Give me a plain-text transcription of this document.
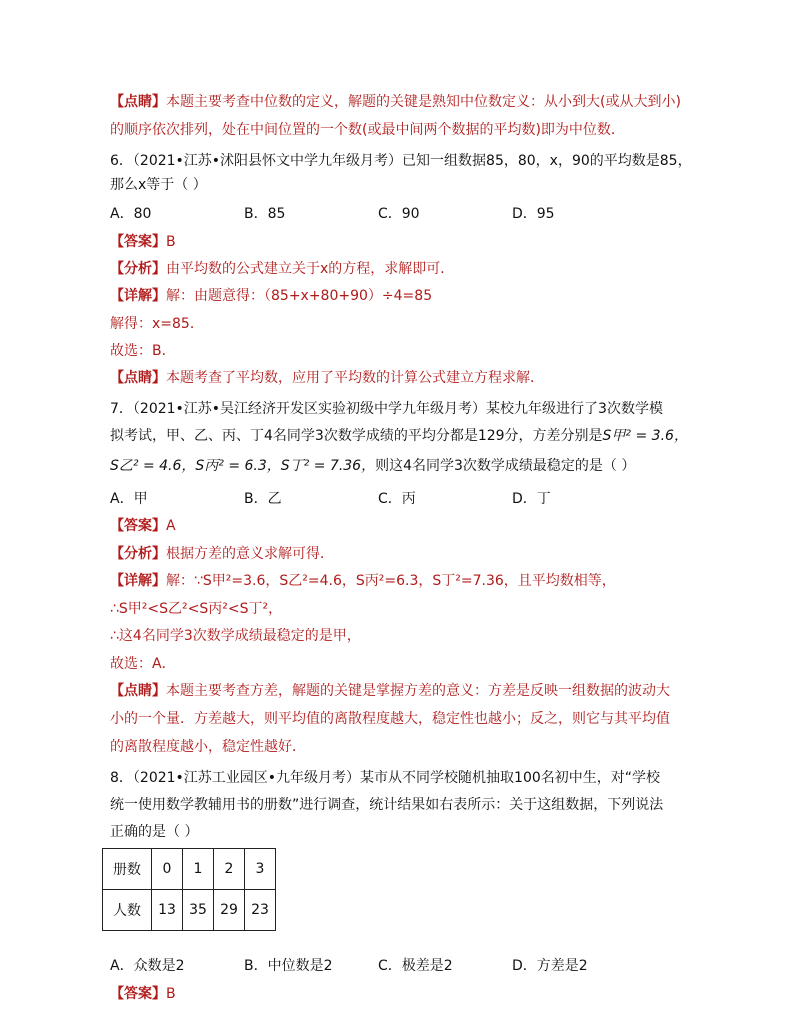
【点睛】本题主要考查中位数的定义，解题的关键是熟知中位数定义：从小到大(或从大到小)
的顺序依次排列，处在中间位置的一个数(或最中间两个数据的平均数)即为中位数．
6．（2021•江苏•沭阳县怀文中学九年级月考）已知一组数据85，80，x，90的平均数是85，
那么x等于（ ）
A．80	B．85	C．90	D．95
【答案】B
【分析】由平均数的公式建立关于x的方程，求解即可．
【详解】解：由题意得：（85+x+80+90）÷4=85
解得：x=85．
故选：B．
【点睛】本题考查了平均数，应用了平均数的计算公式建立方程求解．
7．（2021•江苏•吴江经济开发区实验初级中学九年级月考）某校九年级进行了3次数学模
拟考试，甲、乙、丙、丁4名同学3次数学成绩的平均分都是129分，方差分别是S甲² = 3.6，
S乙² = 4.6，S丙² = 6.3，S丁² = 7.36，则这4名同学3次数学成绩最稳定的是（ ）
A．甲	B．乙	C．丙	D．丁
【答案】A
【分析】根据方差的意义求解可得．
【详解】解：∵S甲²=3.6，S乙²=4.6，S丙²=6.3，S丁²=7.36，且平均数相等，
∴S甲²<S乙²<S丙²<S丁²，
∴这4名同学3次数学成绩最稳定的是甲，
故选：A．
【点睛】本题主要考查方差，解题的关键是掌握方差的意义：方差是反映一组数据的波动大
小的一个量．方差越大，则平均值的离散程度越大，稳定性也越小；反之，则它与其平均值
的离散程度越小，稳定性越好．
8．（2021•江苏工业园区•九年级月考）某市从不同学校随机抽取100名初中生，对“学校
统一使用数学教辅用书的册数”进行调查，统计结果如右表所示：关于这组数据，下列说法
正确的是（ ）
册数	0	1	2	3
人数	13	35	29	23
A．众数是2	B．中位数是2	C．极差是2	D．方差是2
【答案】B
